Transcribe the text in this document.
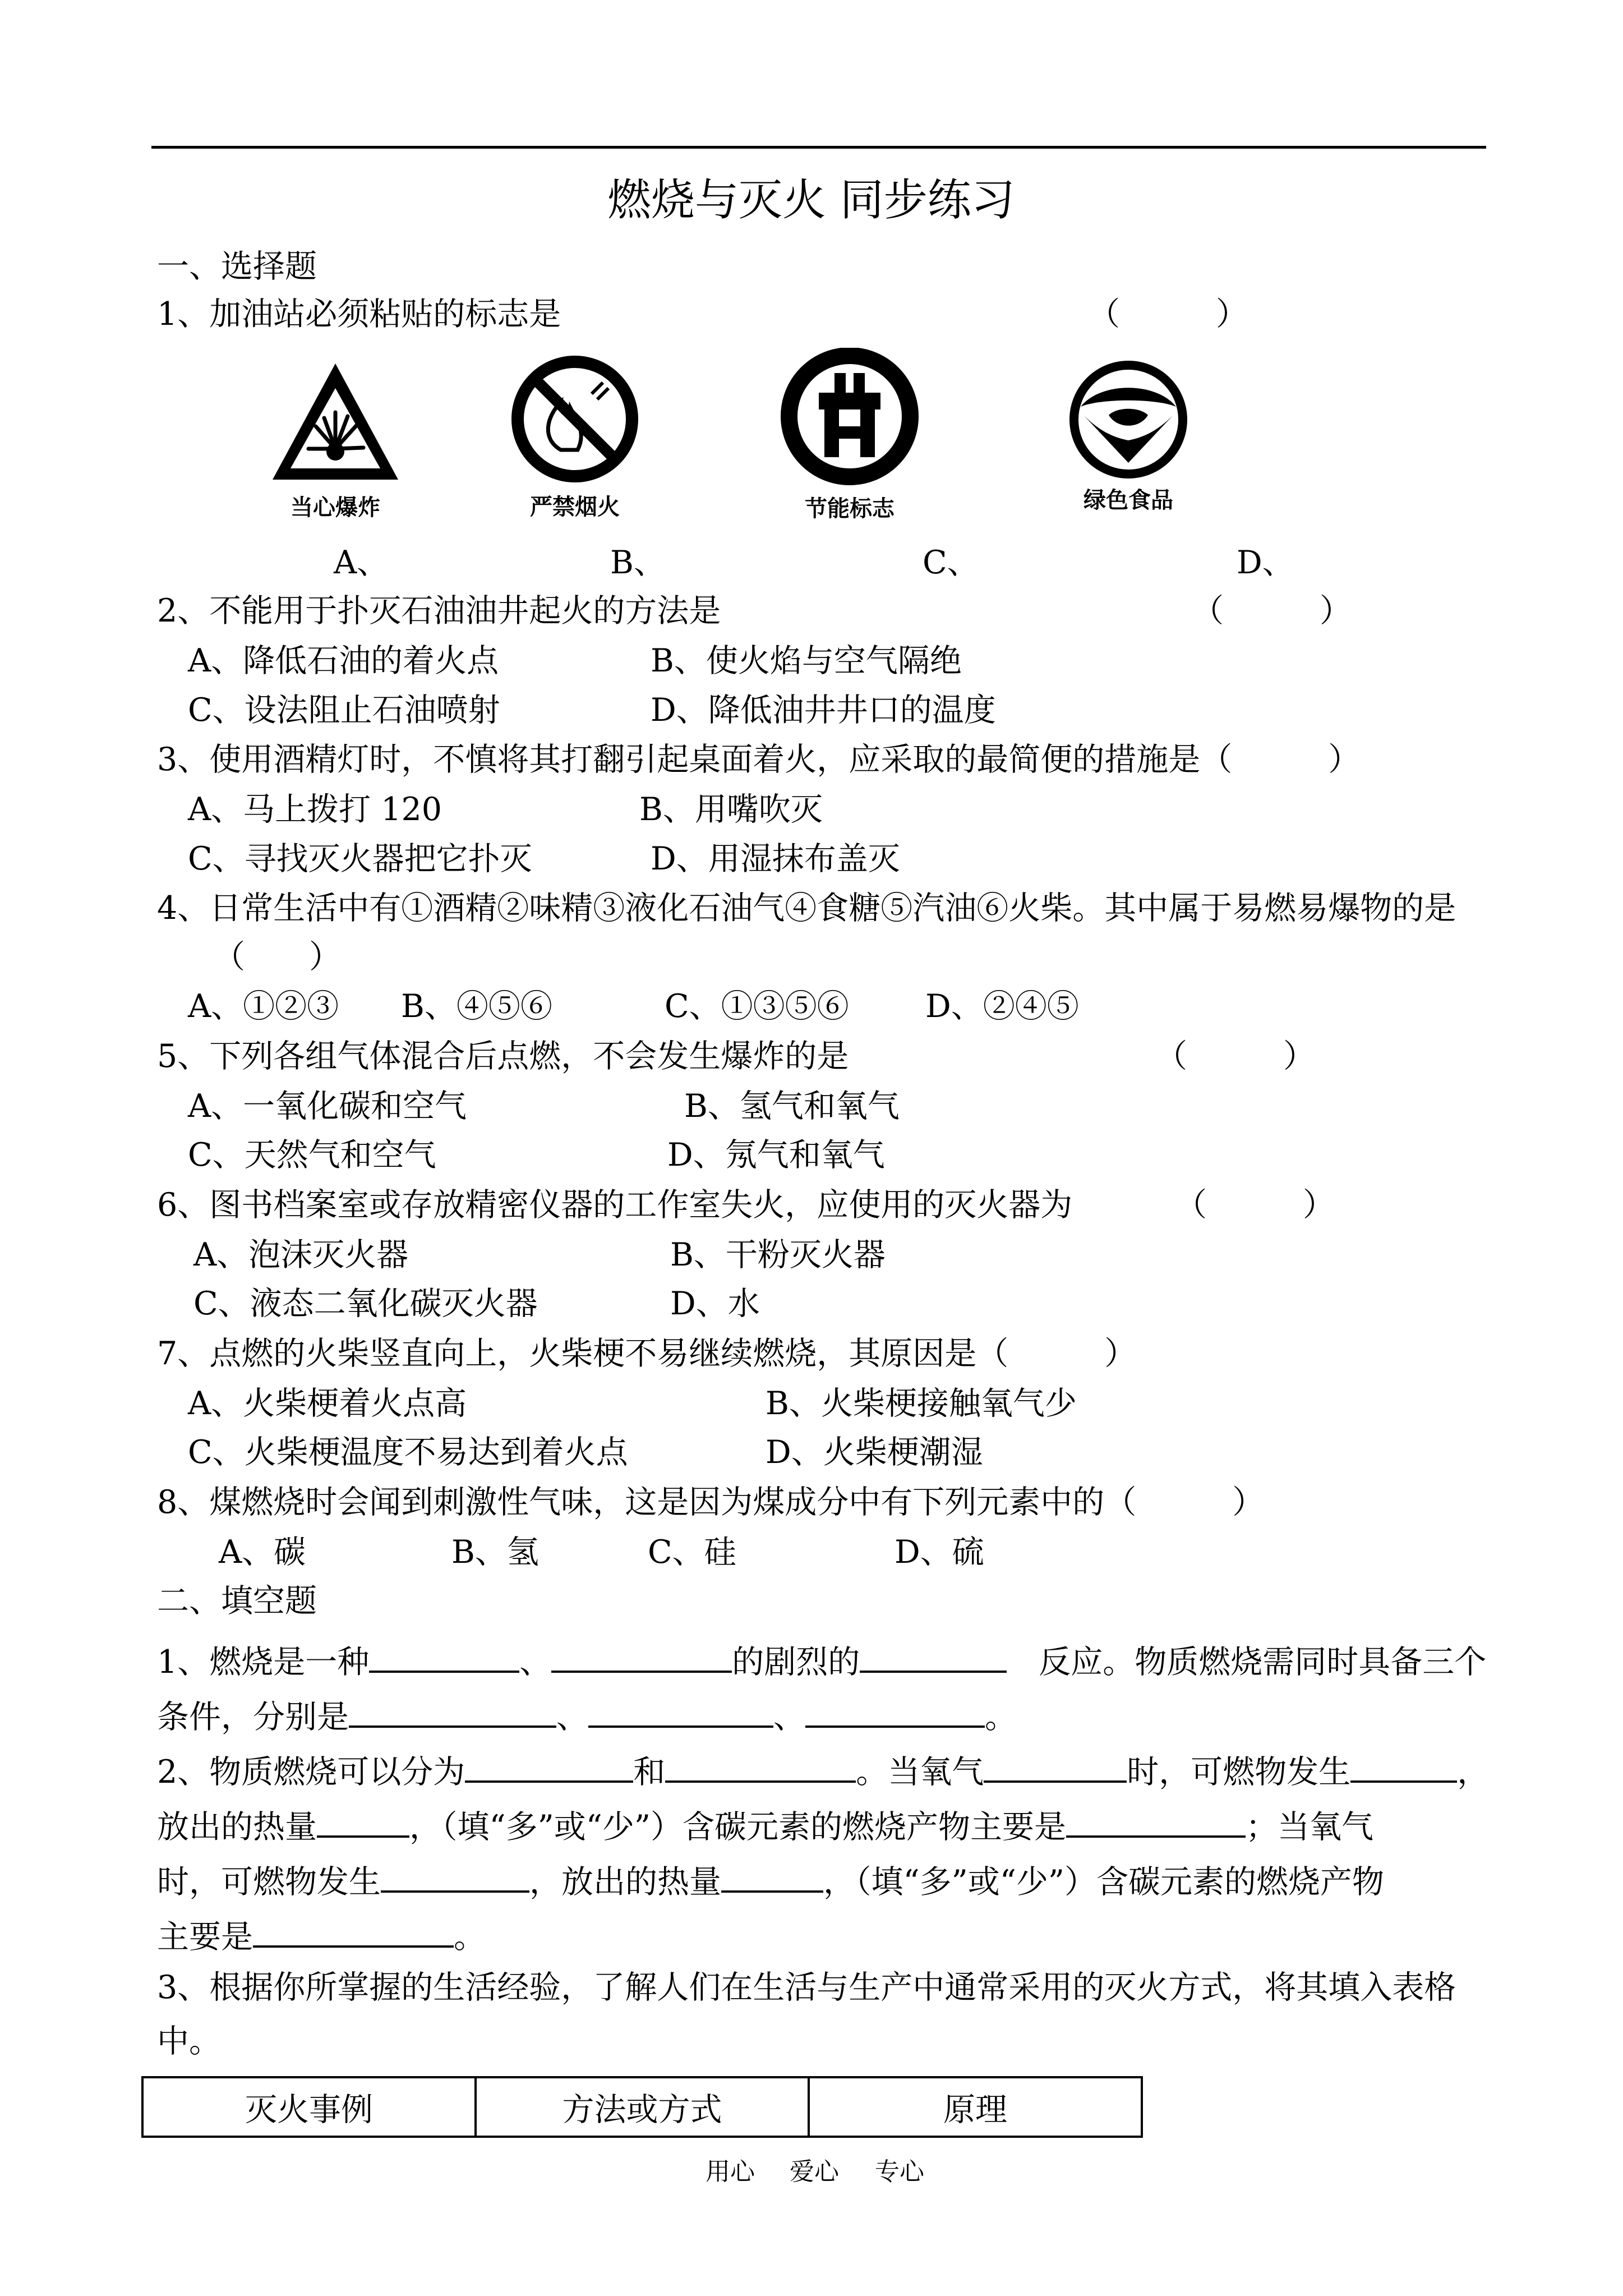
燃烧与灭火 同步练习
一、选择题
1、加油站必须粘贴的标志是	（　　　）
当心爆炸	严禁烟火	节能标志	绿色食品
A、	B、	C、	D、
2、不能用于扑灭石油油井起火的方法是	（　　　）
A、降低石油的着火点	B、使火焰与空气隔绝
C、设法阻止石油喷射	D、降低油井井口的温度
3、使用酒精灯时，不慎将其打翻引起桌面着火，应采取的最简便的措施是（　　　）
A、马上拨打 120	B、用嘴吹灭
C、寻找灭火器把它扑灭	D、用湿抹布盖灭
4、日常生活中有①酒精②味精③液化石油气④食糖⑤汽油⑥火柴。其中属于易燃易爆物的是
（　　）
A、①②③ B、④⑤⑥	C、①③⑤⑥ D、②④⑤
5、下列各组气体混合后点燃，不会发生爆炸的是	（　　　）
A、一氧化碳和空气	B、氢气和氧气
C、天然气和空气	D、氖气和氧气
6、图书档案室或存放精密仪器的工作室失火，应使用的灭火器为	（　　　）
A、泡沫灭火器	B、干粉灭火器
C、液态二氧化碳灭火器	D、水
7、点燃的火柴竖直向上，火柴梗不易继续燃烧，其原因是（　　　）
A、火柴梗着火点高	B、火柴梗接触氧气少
C、火柴梗温度不易达到着火点	D、火柴梗潮湿
8、煤燃烧时会闻到刺激性气味，这是因为煤成分中有下列元素中的（　　　）
A、碳	B、氢	C、硅	D、硫
二、填空题
1、燃烧是一种	、	的剧烈的　	反应。物质燃烧需同时具备三个
条件，分别是	、	、	。
2、物质燃烧可以分为	和	。当氧气	时，可燃物发生	，
放出的热量	，（填“多”或“少”）含碳元素的燃烧产物主要是	；当氧气
时，可燃物发生	，放出的热量	，（填“多”或“少”）含碳元素的燃烧产物
主要是	。
3、根据你所掌握的生活经验，了解人们在生活与生产中通常采用的灭火方式，将其填入表格
中。
灭火事例	方法或方式	原理
用心 爱心 专心
